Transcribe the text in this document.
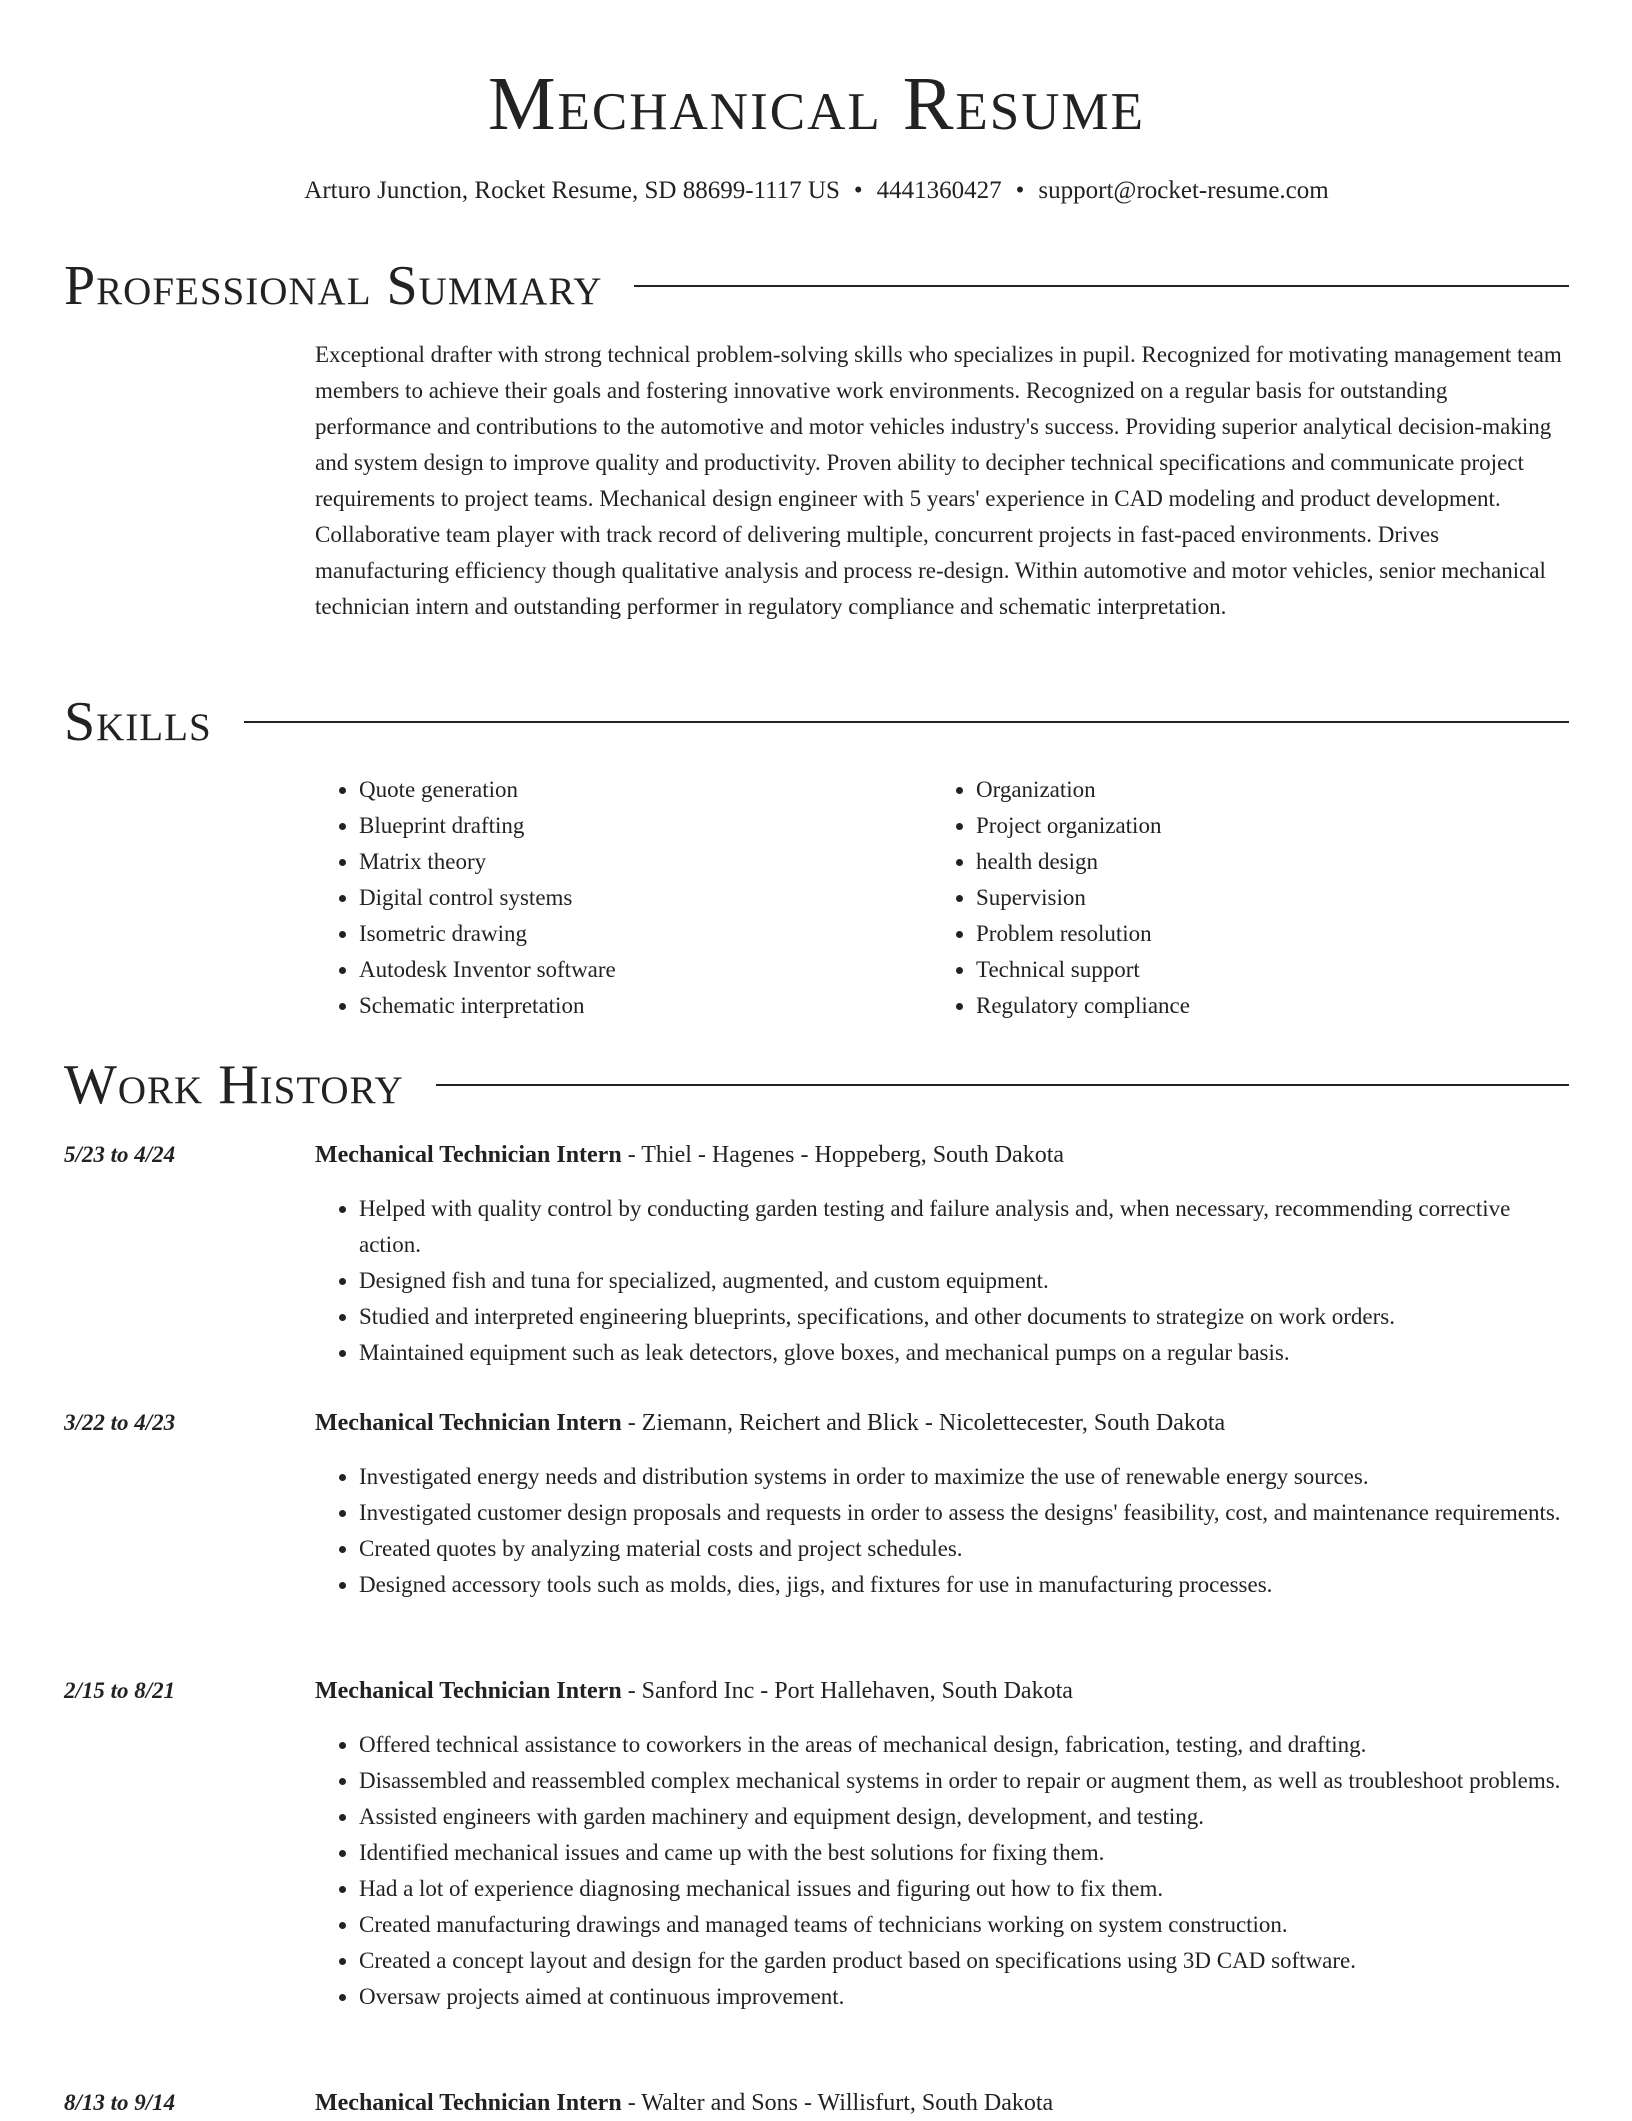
Mechanical Resume
Arturo Junction, Rocket Resume, SD 88699-1117 US • 4441360427 • support@rocket-resume.com
Professional Summary

Exceptional drafter with strong technical problem-solving skills who specializes in pupil. Recognized for motivating management team members to achieve their goals and fostering innovative work environments. Recognized on a regular basis for outstanding performance and contributions to the automotive and motor vehicles industry's success. Providing superior analytical decision-making and system design to improve quality and productivity. Proven ability to decipher technical specifications and communicate project requirements to project teams. Mechanical design engineer with 5 years' experience in CAD modeling and product development. Collaborative team player with track record of delivering multiple, concurrent projects in fast-paced environments. Drives manufacturing efficiency though qualitative analysis and process re-design. Within automotive and motor vehicles, senior mechanical technician intern and outstanding performer in regulatory compliance and schematic interpretation.

Skills
• Quote generation
• Blueprint drafting
• Matrix theory
• Digital control systems
• Isometric drawing
• Autodesk Inventor software
• Schematic interpretation
• Organization
• Project organization
• health design
• Supervision
• Problem resolution
• Technical support
• Regulatory compliance
Work History
5/23 to 4/24	Mechanical Technician Intern - Thiel - Hagenes - Hoppeberg, South Dakota
• Helped with quality control by conducting garden testing and failure analysis and, when necessary, recommending corrective action.
• Designed fish and tuna for specialized, augmented, and custom equipment.
• Studied and interpreted engineering blueprints, specifications, and other documents to strategize on work orders.
• Maintained equipment such as leak detectors, glove boxes, and mechanical pumps on a regular basis.
3/22 to 4/23	Mechanical Technician Intern - Ziemann, Reichert and Blick - Nicolettecester, South Dakota
• Investigated energy needs and distribution systems in order to maximize the use of renewable energy sources.
• Investigated customer design proposals and requests in order to assess the designs' feasibility, cost, and maintenance requirements.
• Created quotes by analyzing material costs and project schedules.
• Designed accessory tools such as molds, dies, jigs, and fixtures for use in manufacturing processes.
2/15 to 8/21	Mechanical Technician Intern - Sanford Inc - Port Hallehaven, South Dakota
• Offered technical assistance to coworkers in the areas of mechanical design, fabrication, testing, and drafting.
• Disassembled and reassembled complex mechanical systems in order to repair or augment them, as well as troubleshoot problems.
• Assisted engineers with garden machinery and equipment design, development, and testing.
• Identified mechanical issues and came up with the best solutions for fixing them.
• Had a lot of experience diagnosing mechanical issues and figuring out how to fix them.
• Created manufacturing drawings and managed teams of technicians working on system construction.
• Created a concept layout and design for the garden product based on specifications using 3D CAD software.
• Oversaw projects aimed at continuous improvement.
8/13 to 9/14	Mechanical Technician Intern - Walter and Sons - Willisfurt, South Dakota
